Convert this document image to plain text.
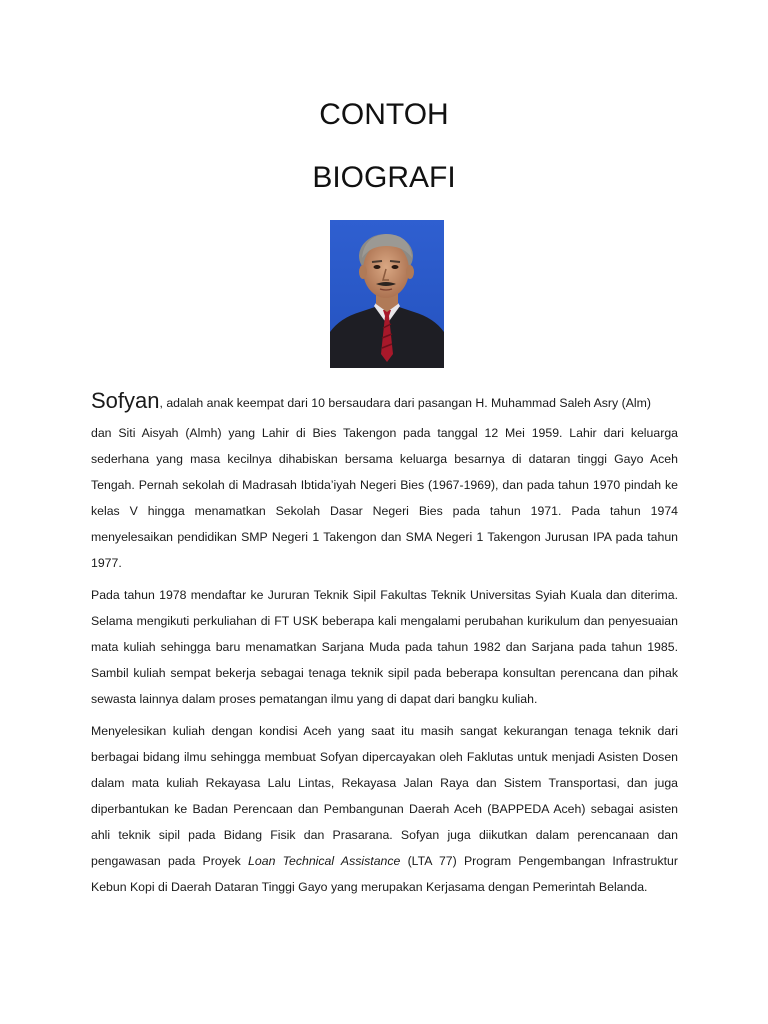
CONTOH
BIOGRAFI

Sofyan, adalah anak keempat dari 10 bersaudara dari pasangan H. Muhammad Saleh Asry (Alm)

dan Siti Aisyah (Almh) yang Lahir di Bies Takengon pada tanggal 12 Mei 1959. Lahir dari keluarga sederhana yang masa kecilnya dihabiskan bersama keluarga besarnya di dataran tinggi Gayo Aceh Tengah. Pernah sekolah di Madrasah Ibtida’iyah Negeri Bies (1967-1969), dan pada tahun 1970 pindah ke kelas V hingga menamatkan Sekolah Dasar Negeri Bies pada tahun 1971. Pada tahun 1974 menyelesaikan pendidikan SMP Negeri 1 Takengon dan SMA Negeri 1 Takengon Jurusan IPA pada tahun 1977.

Pada tahun 1978 mendaftar ke Jururan Teknik Sipil Fakultas Teknik Universitas Syiah Kuala dan diterima. Selama mengikuti perkuliahan di FT USK beberapa kali mengalami perubahan kurikulum dan penyesuaian mata kuliah sehingga baru menamatkan Sarjana Muda pada tahun 1982 dan Sarjana pada tahun 1985. Sambil kuliah sempat bekerja sebagai tenaga teknik sipil pada beberapa konsultan perencana dan pihak sewasta lainnya dalam proses pematangan ilmu yang di dapat dari bangku kuliah.

Menyelesikan kuliah dengan kondisi Aceh yang saat itu masih sangat kekurangan tenaga teknik dari berbagai bidang ilmu sehingga membuat Sofyan dipercayakan oleh Faklutas untuk menjadi Asisten Dosen dalam mata kuliah Rekayasa Lalu Lintas, Rekayasa Jalan Raya dan Sistem Transportasi, dan juga diperbantukan ke Badan Perencaan dan Pembangunan Daerah Aceh (BAPPEDA Aceh) sebagai asisten ahli teknik sipil pada Bidang Fisik dan Prasarana. Sofyan juga diikutkan dalam perencanaan dan pengawasan pada Proyek Loan Technical Assistance (LTA 77) Program Pengembangan Infrastruktur Kebun Kopi di Daerah Dataran Tinggi Gayo yang merupakan Kerjasama dengan Pemerintah Belanda.
